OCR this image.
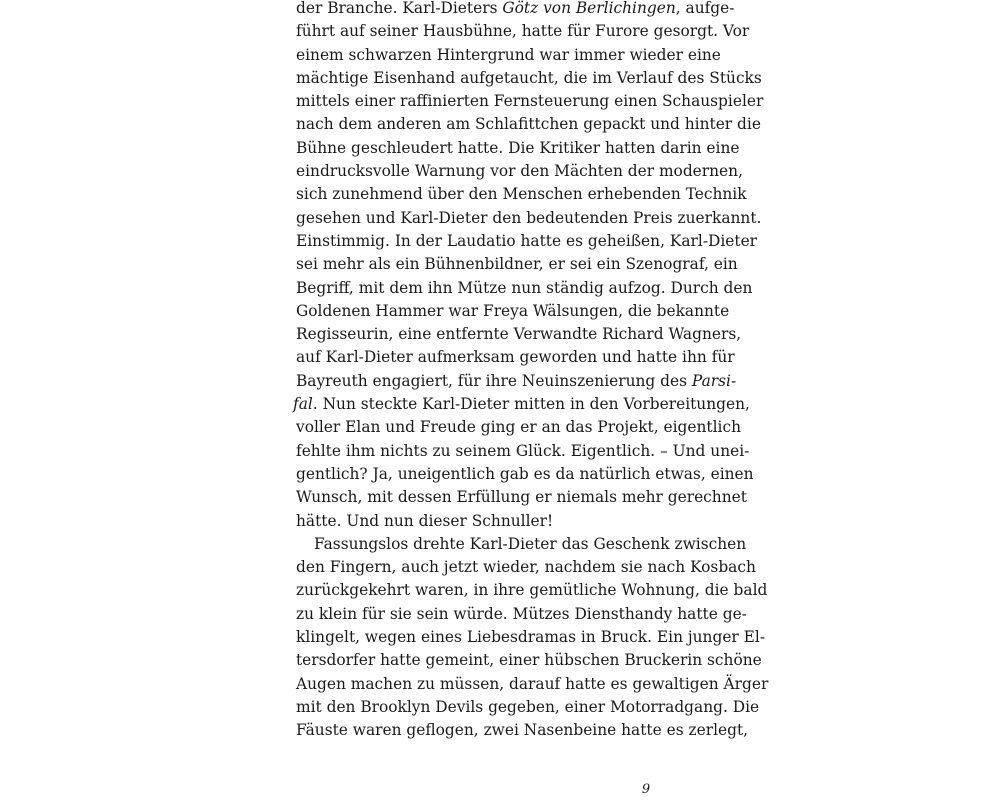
der Branche. Karl-Dieters Götz von Berlichingen, aufge-
führt auf seiner Hausbühne, hatte für Furore gesorgt. Vor
einem schwarzen Hintergrund war immer wieder eine
mächtige Eisenhand aufgetaucht, die im Verlauf des Stücks
mittels einer raffinierten Fernsteuerung einen Schauspieler
nach dem anderen am Schlafittchen gepackt und hinter die
Bühne geschleudert hatte. Die Kritiker hatten darin eine
eindrucksvolle Warnung vor den Mächten der modernen,
sich zunehmend über den Menschen erhebenden Technik
gesehen und Karl-Dieter den bedeutenden Preis zuerkannt.
Einstimmig. In der Laudatio hatte es geheißen, Karl-Dieter
sei mehr als ein Bühnenbildner, er sei ein Szenograf, ein
Begriff, mit dem ihn Mütze nun ständig aufzog. Durch den
Goldenen Hammer war Freya Wälsungen, die bekannte
Regisseurin, eine entfernte Verwandte Richard Wagners,
auf Karl-Dieter aufmerksam geworden und hatte ihn für
Bayreuth engagiert, für ihre Neuinszenierung des Parsi-
fal. Nun steckte Karl-Dieter mitten in den Vorbereitungen,
voller Elan und Freude ging er an das Projekt, eigentlich
fehlte ihm nichts zu seinem Glück. Eigentlich. – Und unei-
gentlich? Ja, uneigentlich gab es da natürlich etwas, einen
Wunsch, mit dessen Erfüllung er niemals mehr gerechnet
hätte. Und nun dieser Schnuller!
Fassungslos drehte Karl-Dieter das Geschenk zwischen
den Fingern, auch jetzt wieder, nachdem sie nach Kosbach
zurückgekehrt waren, in ihre gemütliche Wohnung, die bald
zu klein für sie sein würde. Mützes Diensthandy hatte ge-
klingelt, wegen eines Liebesdramas in Bruck. Ein junger El-
tersdorfer hatte gemeint, einer hübschen Bruckerin schöne
Augen machen zu müssen, darauf hatte es gewaltigen Ärger
mit den Brooklyn Devils gegeben, einer Motorradgang. Die
Fäuste waren geflogen, zwei Nasenbeine hatte es zerlegt,
9
